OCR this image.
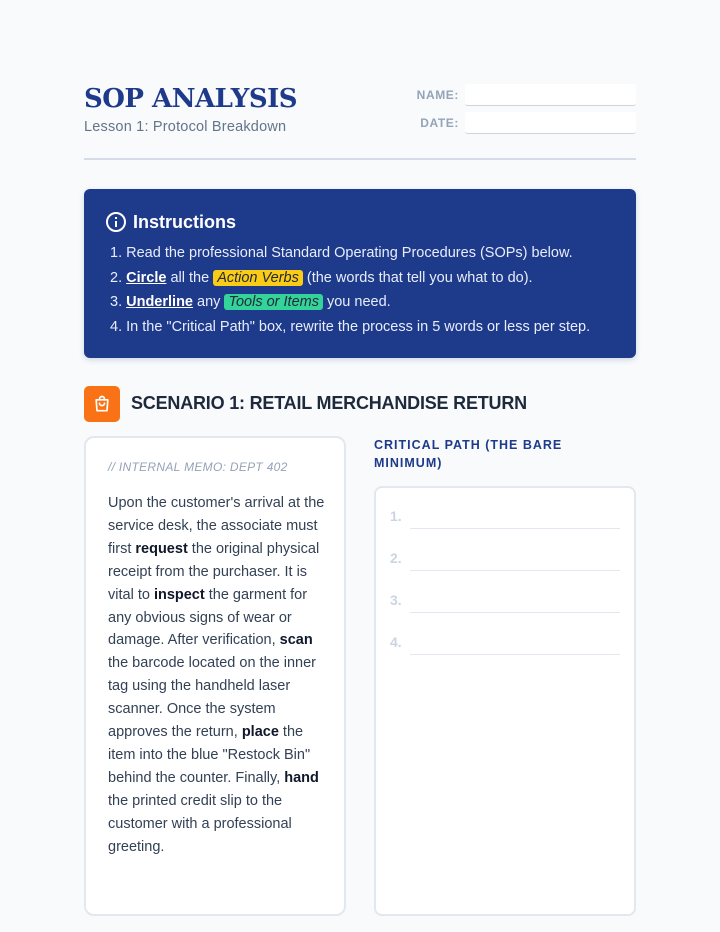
SOP ANALYSIS
Lesson 1: Protocol Breakdown
NAME:
DATE:
Instructions
1. Read the professional Standard Operating Procedures (SOPs) below.
2. Circle all the Action Verbs (the words that tell you what to do).
3. Underline any Tools or Items you need.
4. In the "Critical Path" box, rewrite the process in 5 words or less per step.
SCENARIO 1: RETAIL MERCHANDISE RETURN
// INTERNAL MEMO: DEPT 402

Upon the customer's arrival at the service desk, the associate must first request the original physical receipt from the purchaser. It is vital to inspect the garment for any obvious signs of wear or damage. After verification, scan the barcode located on the inner tag using the handheld laser scanner. Once the system approves the return, place the item into the blue "Restock Bin" behind the counter. Finally, hand the printed credit slip to the customer with a professional greeting.

CRITICAL PATH (THE BARE MINIMUM)
1.
2.
3.
4.
